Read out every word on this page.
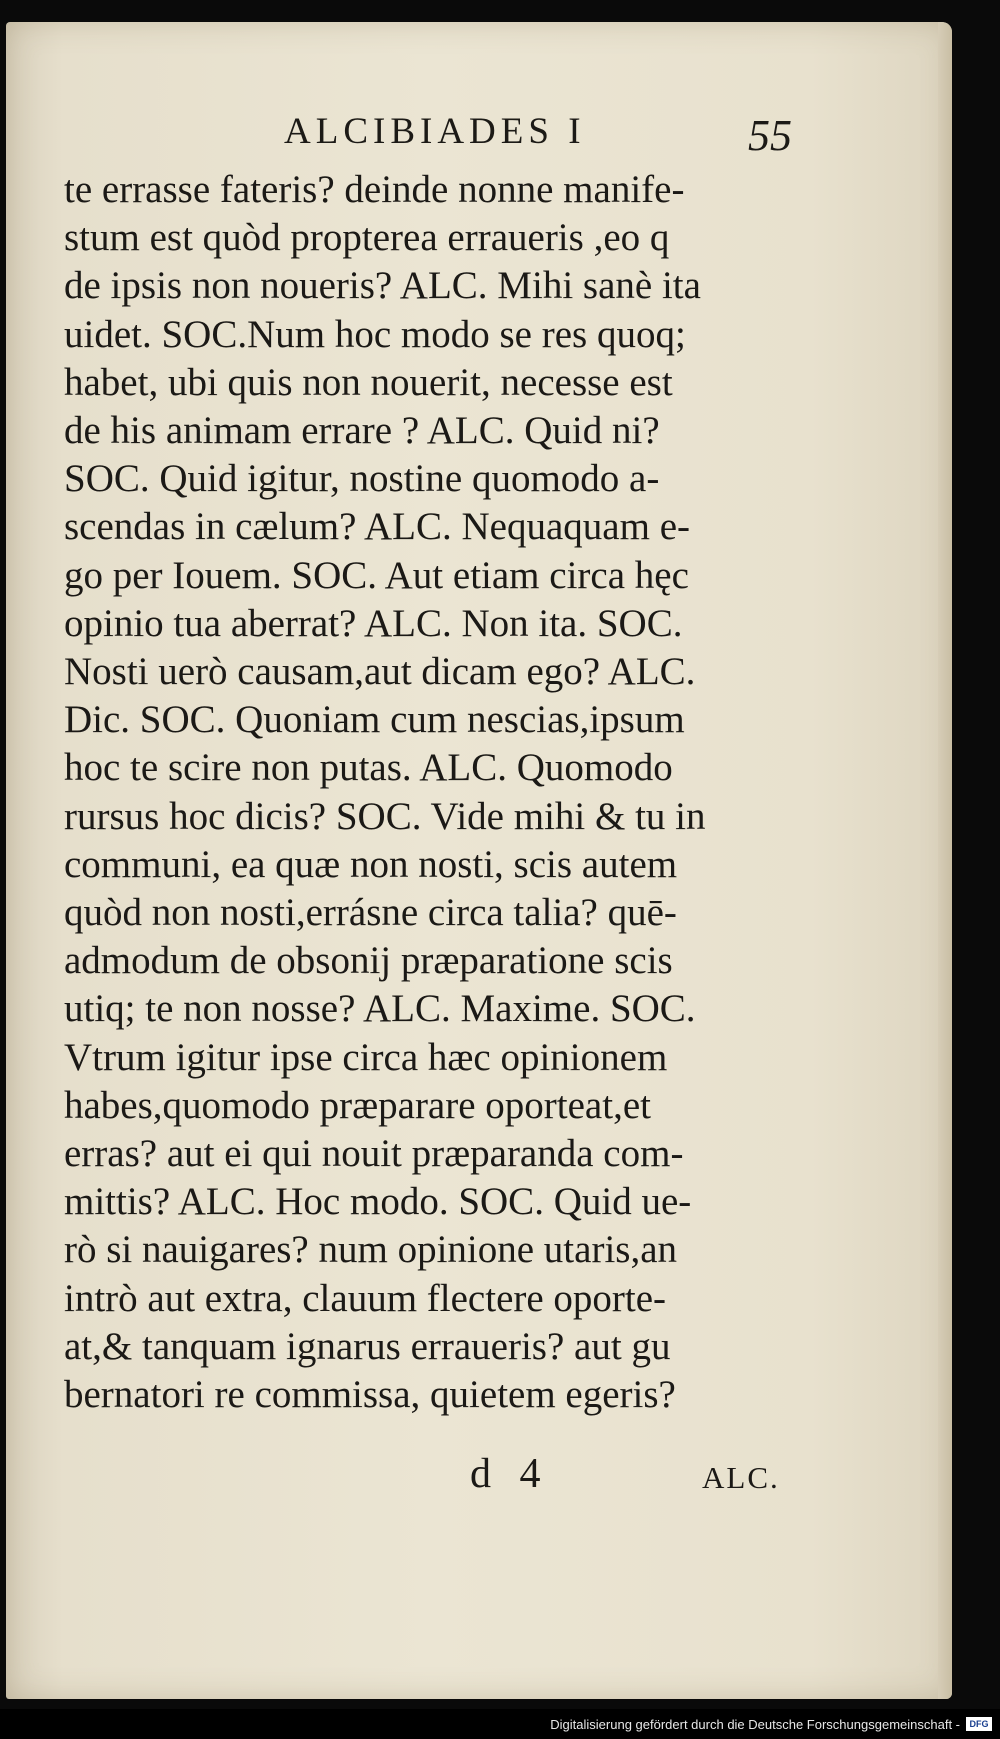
ALCIBIADES I	55
te errasse fateris? deinde nonne manife-
stum est quòd propterea erraueris ,eo q
de ipsis non noueris? ALC. Mihi sanè ita
uidet. SOC.Num hoc modo se res quoq;
habet, ubi quis non nouerit, necesse est
de his animam errare ? ALC. Quid ni?
SOC. Quid igitur, nostine quomodo a-
scendas in cælum? ALC. Nequaquam e-
go per Iouem. SOC. Aut etiam circa hęc
opinio tua aberrat? ALC. Non ita. SOC.
Nosti uerò causam,aut dicam ego? ALC.
Dic. SOC. Quoniam cum nescias,ipsum
hoc te scire non putas. ALC. Quomodo
rursus hoc dicis? SOC. Vide mihi & tu in
communi, ea quæ non nosti, scis autem
quòd non nosti,errásne circa talia? quē-
admodum de obsonij præparatione scis
utiq; te non nosse? ALC. Maxime. SOC.
Vtrum igitur ipse circa hæc opinionem
habes,quomodo præparare oporteat,et
erras? aut ei qui nouit præparanda com-
mittis? ALC. Hoc modo. SOC. Quid ue-
rò si nauigares? num opinione utaris,an
intrò aut extra, clauum flectere oporte-
at,& tanquam ignarus erraueris? aut gu
bernatori re commissa, quietem egeris?
d 4	ALC.
Digitalisierung gefördert durch die Deutsche Forschungsgemeinschaft -	DFG
